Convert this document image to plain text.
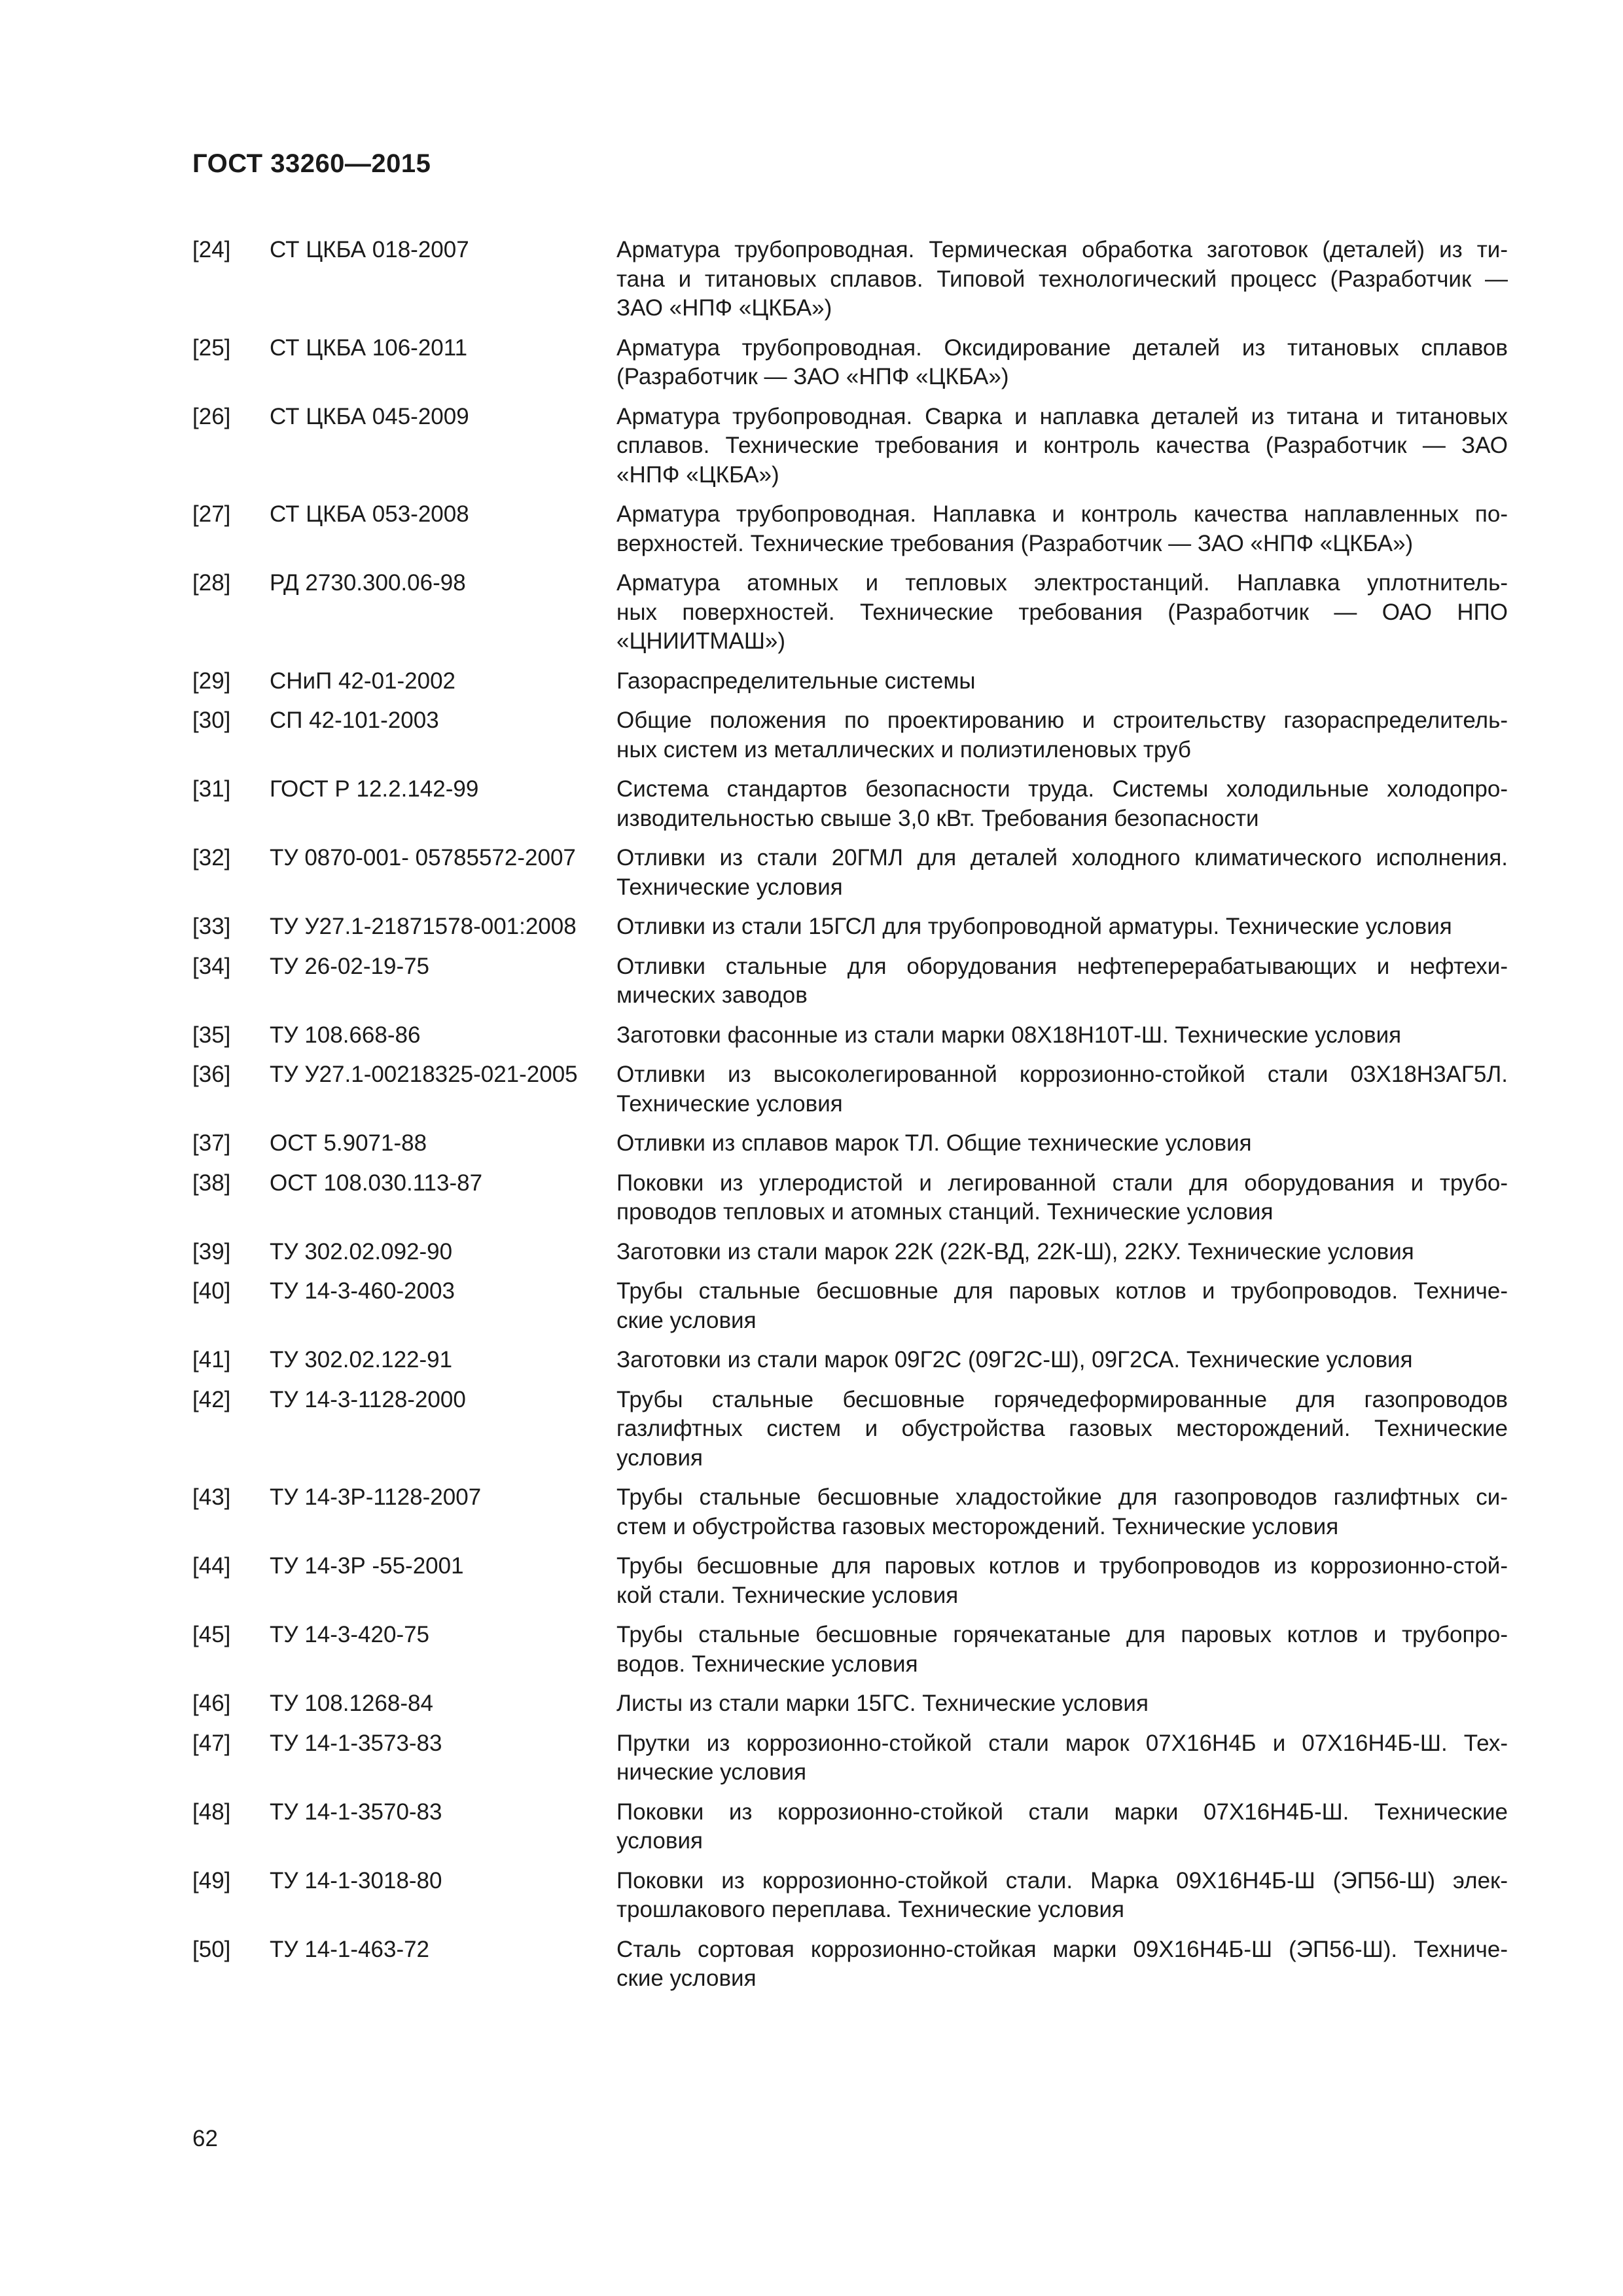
ГОСТ 33260—2015
[24]	СТ ЦКБА 018-2007	Арматура трубопроводная. Термическая обработка заготовок (деталей) из ти-
тана и титановых сплавов. Типовой технологический процесс (Разработчик —
ЗАО «НПФ «ЦКБА»)
[25]	СТ ЦКБА 106-2011	Арматура трубопроводная. Оксидирование деталей из титановых сплавов
(Разработчик — ЗАО «НПФ «ЦКБА»)
[26]	СТ ЦКБА 045-2009	Арматура трубопроводная. Сварка и наплавка деталей из титана и титановых
сплавов. Технические требования и контроль качества (Разработчик — ЗАО
«НПФ «ЦКБА»)
[27]	СТ ЦКБА 053-2008	Арматура трубопроводная. Наплавка и контроль качества наплавленных по-
верхностей. Технические требования (Разработчик — ЗАО «НПФ «ЦКБА»)
[28]	РД 2730.300.06-98	Арматура атомных и тепловых электростанций. Наплавка уплотнитель-
ных поверхностей. Технические требования (Разработчик — ОАО НПО
«ЦНИИТМАШ»)
[29]	СНиП 42-01-2002	Газораспределительные системы
[30]	СП 42-101-2003	Общие положения по проектированию и строительству газораспределитель-
ных систем из металлических и полиэтиленовых труб
[31]	ГОСТ Р 12.2.142-99	Система стандартов безопасности труда. Системы холодильные холодопро-
изводительностью свыше 3,0 кВт. Требования безопасности
[32]	ТУ 0870-001- 05785572-2007	Отливки из стали 20ГМЛ для деталей холодного климатического исполнения.
Технические условия
[33]	ТУ У27.1-21871578-001:2008	Отливки из стали 15ГСЛ для трубопроводной арматуры. Технические условия
[34]	ТУ 26-02-19-75	Отливки стальные для оборудования нефтеперерабатывающих и нефтехи-
мических заводов
[35]	ТУ 108.668-86	Заготовки фасонные из стали марки 08Х18Н10Т-Ш. Технические условия
[36]	ТУ У27.1-00218325-021-2005	Отливки из высоколегированной коррозионно-стойкой стали 03Х18Н3АГ5Л.
Технические условия
[37]	ОСТ 5.9071-88	Отливки из сплавов марок ТЛ. Общие технические условия
[38]	ОСТ 108.030.113-87	Поковки из углеродистой и легированной стали для оборудования и трубо-
проводов тепловых и атомных станций. Технические условия
[39]	ТУ 302.02.092-90	Заготовки из стали марок 22К (22К-ВД, 22К-Ш), 22КУ. Технические условия
[40]	ТУ 14-3-460-2003	Трубы стальные бесшовные для паровых котлов и трубопроводов. Техниче-
ские условия
[41]	ТУ 302.02.122-91	Заготовки из стали марок 09Г2С (09Г2С-Ш), 09Г2СА. Технические условия
[42]	ТУ 14-3-1128-2000	Трубы стальные бесшовные горячедеформированные для газопроводов
газлифтных систем и обустройства газовых месторождений. Технические
условия
[43]	ТУ 14-3Р-1128-2007	Трубы стальные бесшовные хладостойкие для газопроводов газлифтных си-
стем и обустройства газовых месторождений. Технические условия
[44]	ТУ 14-3Р -55-2001	Трубы бесшовные для паровых котлов и трубопроводов из коррозионно-стой-
кой стали. Технические условия
[45]	ТУ 14-3-420-75	Трубы стальные бесшовные горячекатаные для паровых котлов и трубопро-
водов. Технические условия
[46]	ТУ 108.1268-84	Листы из стали марки 15ГС. Технические условия
[47]	ТУ 14-1-3573-83	Прутки из коррозионно-стойкой стали марок 07Х16Н4Б и 07Х16Н4Б-Ш. Тех-
нические условия
[48]	ТУ 14-1-3570-83	Поковки из коррозионно-стойкой стали марки 07Х16Н4Б-Ш. Технические
условия
[49]	ТУ 14-1-3018-80	Поковки из коррозионно-стойкой стали. Марка 09Х16Н4Б-Ш (ЭП56-Ш) элек-
трошлакового переплава. Технические условия
[50]	ТУ 14-1-463-72	Сталь сортовая коррозионно-стойкая марки 09Х16Н4Б-Ш (ЭП56-Ш). Техниче-
ские условия
62
